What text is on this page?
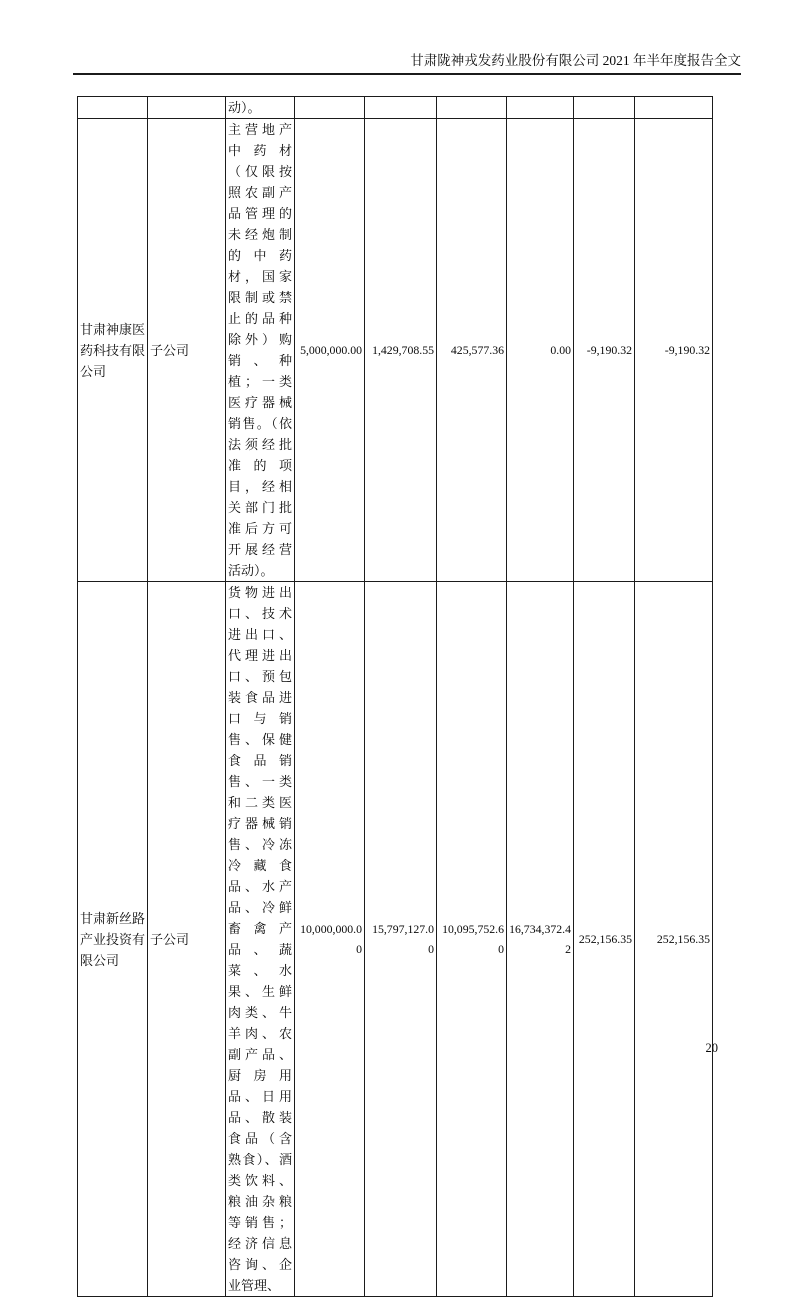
甘肃陇神戎发药业股份有限公司 2021 年半年度报告全文
		动）。						
甘肃神康医药科技有限公司	子公司	主营地产中药材（仅限按照农副产品管理的未经炮制的中药材，国家限制或禁止的品种除外）购销、种植；一类医疗器械销售。（依法须经批准的项目，经相关部门批准后方可开展经营活动）。	5,000,000.00	1,429,708.55	425,577.36	0.00	-9,190.32	-9,190.32
甘肃新丝路产业投资有限公司	子公司	货物进出口、技术进出口、代理进出口、预包装食品进口与销售、保健食品销售、一类和二类医疗器械销售、冷冻冷藏食品、水产品、冷鲜畜禽产品、蔬菜、水果、生鲜肉类、牛羊肉、农副产品、厨房用品、日用品、散装食品（含熟食）、酒类饮料、粮油杂粮等销售；经济信息咨询、企业管理、	10,000,000.00	15,797,127.00	10,095,752.60	16,734,372.42	252,156.35	252,156.35
20
